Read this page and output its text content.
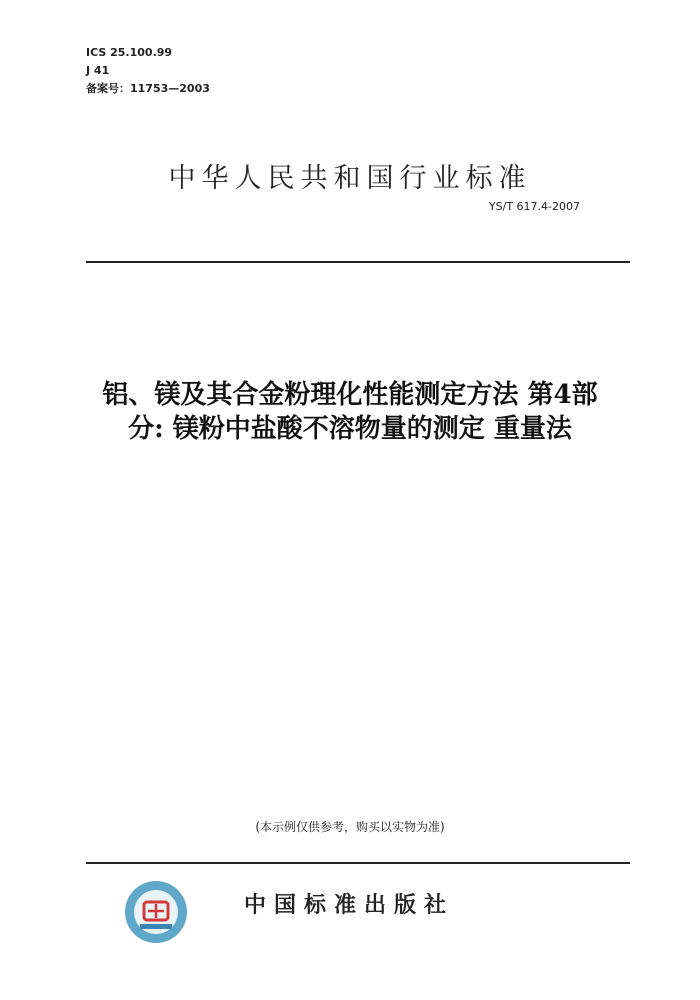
ICS 25.100.99
J 41
备案号：11753—2003
中华人民共和国行业标准
YS/T 617.4-2007
铝、镁及其合金粉理化性能测定方法 第4部
分: 镁粉中盐酸不溶物量的测定 重量法
(本示例仅供参考，购买以实物为准)
中国标准出版社
